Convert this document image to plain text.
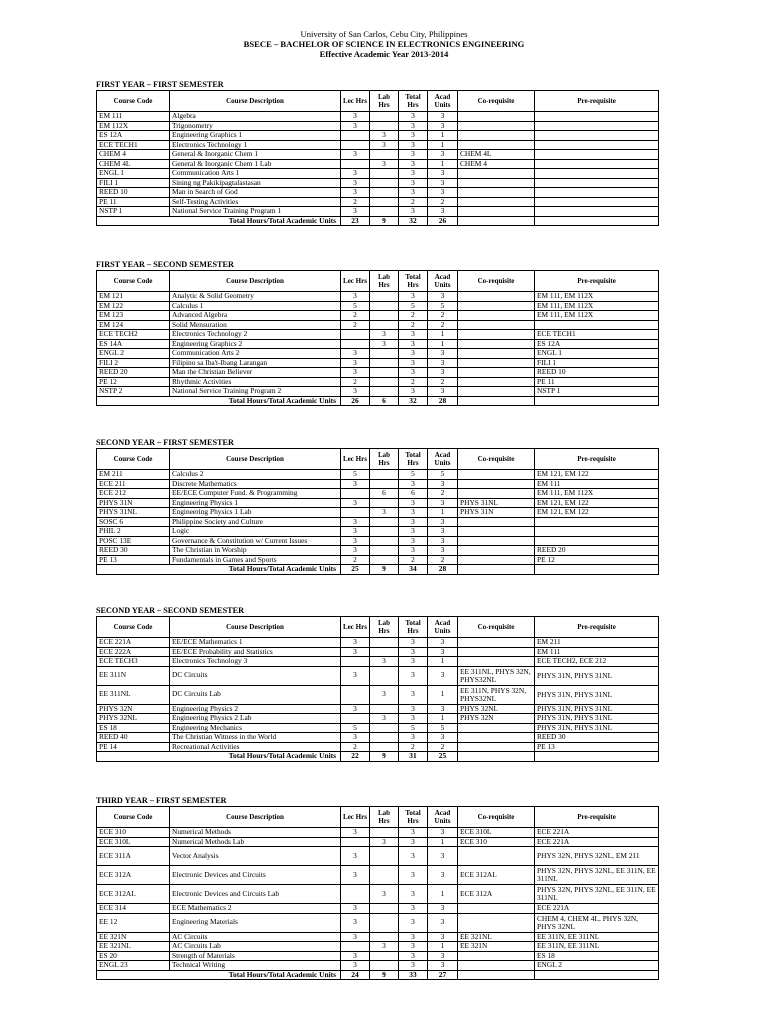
University of San Carlos, Cebu City, Philippines
BSECE – BACHELOR OF SCIENCE IN ELECTRONICS ENGINEERING
Effective Academic Year 2013-2014
FIRST YEAR – FIRST SEMESTER
Course Code	Course Description	Lec Hrs	Lab Hrs	Total Hrs	Acad Units	Co-requisite	Pre-requisite
EM 111	Algebra	3		3	3		
EM 112X	Trigonometry	3		3	3		
ES 12A	Engineering Graphics 1		3	3	1		
ECE TECH1	Electronics Technology 1		3	3	1		
CHEM 4	General & Inorganic Chem 1	3		3	3	CHEM 4L	
CHEM 4L	General & Inorganic Chem 1 Lab		3	3	1	CHEM 4	
ENGL 1	Communication Arts 1	3		3	3		
FILI 1	Sining ng Pakikipagtalastasan	3		3	3		
REED 10	Man in Search of God	3		3	3		
PE 11	Self-Testing Activities	2		2	2		
NSTP 1	National Service Training Program 1	3		3	3		
Total Hours/Total Academic Units		23	9	32	26		
FIRST YEAR – SECOND SEMESTER
Course Code	Course Description	Lec Hrs	Lab Hrs	Total Hrs	Acad Units	Co-requisite	Pre-requisite
EM 121	Analytic & Solid Geometry	3		3	3		EM 111, EM 112X
EM 122	Calculus 1	5		5	5		EM 111, EM 112X
EM 123	Advanced Algebra	2		2	2		EM 111, EM 112X
EM 124	Solid Mensuration	2		2	2		
ECE TECH2	Electronics Technology 2		3	3	1		ECE TECH1
ES 14A	Engineering Graphics 2		3	3	1		ES 12A
ENGL 2	Communication Arts 2	3		3	3		ENGL 1
FILI 2	Filipino sa Iba't-Ibang Larangan	3		3	3		FILI 1
REED 20	Man the Christian Believer	3		3	3		REED 10
PE 12	Rhythmic Activities	2		2	2		PE 11
NSTP 2	National Service Training Program 2	3		3	3		NSTP 1
Total Hours/Total Academic Units		26	6	32	28		
SECOND YEAR – FIRST SEMESTER
Course Code	Course Description	Lec Hrs	Lab Hrs	Total Hrs	Acad Units	Co-requisite	Pre-requisite
EM 211	Calculus 2	5		5	5		EM 121, EM 122
ECE 211	Discrete Mathematics	3		3	3		EM 111
ECE 212	EE/ECE Computer Fund. & Programming		6	6	2		EM 111, EM 112X
PHYS 31N	Engineering Physics 1	3		3	3	PHYS 31NL	EM 121, EM 122
PHYS 31NL	Engineering Physics 1 Lab		3	3	1	PHYS 31N	EM 121, EM 122
SOSC 6	Philippine Society and Culture	3		3	3		
PHIL 2	Logic	3		3	3		
POSC 13E	Governance & Constitution w/ Current Issues	3		3	3		
REED 30	The Christian in Worship	3		3	3		REED 20
PE 13	Fundamentals in Games and Sports	2		2	2		PE 12
Total Hours/Total Academic Units		25	9	34	28		
SECOND YEAR – SECOND SEMESTER
Course Code	Course Description	Lec Hrs	Lab Hrs	Total Hrs	Acad Units	Co-requisite	Pre-requisite
ECE 221A	EE/ECE Mathematics 1	3		3	3		EM 211
ECE 222A	EE/ECE Probability and Statistics	3		3	3		EM 111
ECE TECH3	Electronics Technology 3		3	3	1		ECE TECH2, ECE 212
EE 311N	DC Circuits	3		3	3	EE 311NL, PHYS 32N, PHYS32NL	PHYS 31N, PHYS 31NL
EE 311NL	DC Circuits Lab		3	3	1	EE 311N, PHYS 32N, PHYS32NL	PHYS 31N, PHYS 31NL
PHYS 32N	Engineering Physics 2	3		3	3	PHYS 32NL	PHYS 31N, PHYS 31NL
PHYS 32NL	Engineering Physics 2 Lab		3	3	1	PHYS 32N	PHYS 31N, PHYS 31NL
ES 18	Engineering Mechanics	5		5	5		PHYS 31N, PHYS 31NL
REED 40	The Christian Witness in the World	3		3	3		REED 30
PE 14	Recreational Activities	2		2	2		PE 13
Total Hours/Total Academic Units		22	9	31	25		
THIRD YEAR – FIRST SEMESTER
Course Code	Course Description	Lec Hrs	Lab Hrs	Total Hrs	Acad Units	Co-requisite	Pre-requisite
ECE 310	Numerical Methods	3		3	3	ECE 310L	ECE 221A
ECE 310L	Numerical Methods Lab		3	3	1	ECE 310	ECE 221A
ECE 311A	Vector Analysis	3		3	3		PHYS 32N, PHYS 32NL, EM 211
ECE 312A	Electronic Devices and Circuits	3		3	3	ECE 312AL	PHYS 32N, PHYS 32NL, EE 311N, EE 311NL
ECE 312AL	Electronic Devices and Circuits Lab		3	3	1	ECE 312A	PHYS 32N, PHYS 32NL, EE 311N, EE 311NL
ECE 314	ECE Mathematics 2	3		3	3		ECE 221A
EE 12	Engineering Materials	3		3	3		CHEM 4, CHEM 4L, PHYS 32N, PHYS 32NL
EE 321N	AC Circuits	3		3	3	EE 321NL	EE 311N, EE 311NL
EE 321NL	AC Circuits Lab		3	3	1	EE 321N	EE 311N, EE 311NL
ES 20	Strength of Materials	3		3	3		ES 18
ENGL 23	Technical Writing	3		3	3		ENGL 2
Total Hours/Total Academic Units		24	9	33	27		
